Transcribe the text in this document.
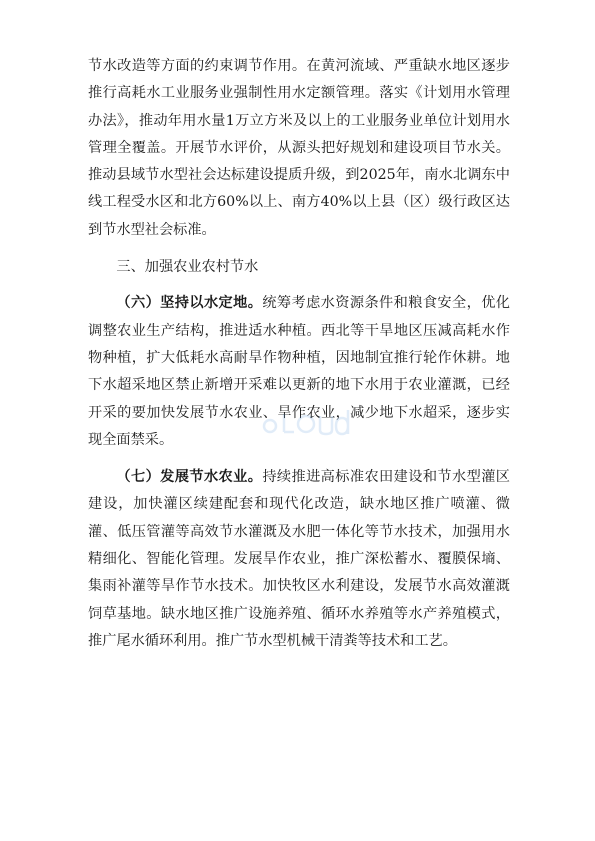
节水改造等方面的约束调节作用。在黄河流域、严重缺水地区逐步推行高耗水工业服务业强制性用水定额管理。落实《计划用水管理办法》，推动年用水量1万立方米及以上的工业服务业单位计划用水管理全覆盖。开展节水评价，从源头把好规划和建设项目节水关。推动县域节水型社会达标建设提质升级，到2025年，南水北调东中线工程受水区和北方60%以上、南方40%以上县（区）级行政区达到节水型社会标准。

三、加强农业农村节水

（六）坚持以水定地。统筹考虑水资源条件和粮食安全，优化调整农业生产结构，推进适水种植。西北等干旱地区压减高耗水作物种植，扩大低耗水高耐旱作物种植，因地制宜推行轮作休耕。地下水超采地区禁止新增开采难以更新的地下水用于农业灌溉，已经开采的要加快发展节水农业、旱作农业，减少地下水超采，逐步实现全面禁采。

（七）发展节水农业。持续推进高标准农田建设和节水型灌区建设，加快灌区续建配套和现代化改造，缺水地区推广喷灌、微灌、低压管灌等高效节水灌溉及水肥一体化等节水技术，加强用水精细化、智能化管理。发展旱作农业，推广深松蓄水、覆膜保墒、集雨补灌等旱作节水技术。加快牧区水利建设，发展节水高效灌溉饲草基地。缺水地区推广设施养殖、循环水养殖等水产养殖模式，推广尾水循环利用。推广节水型机械干清粪等技术和工艺。
